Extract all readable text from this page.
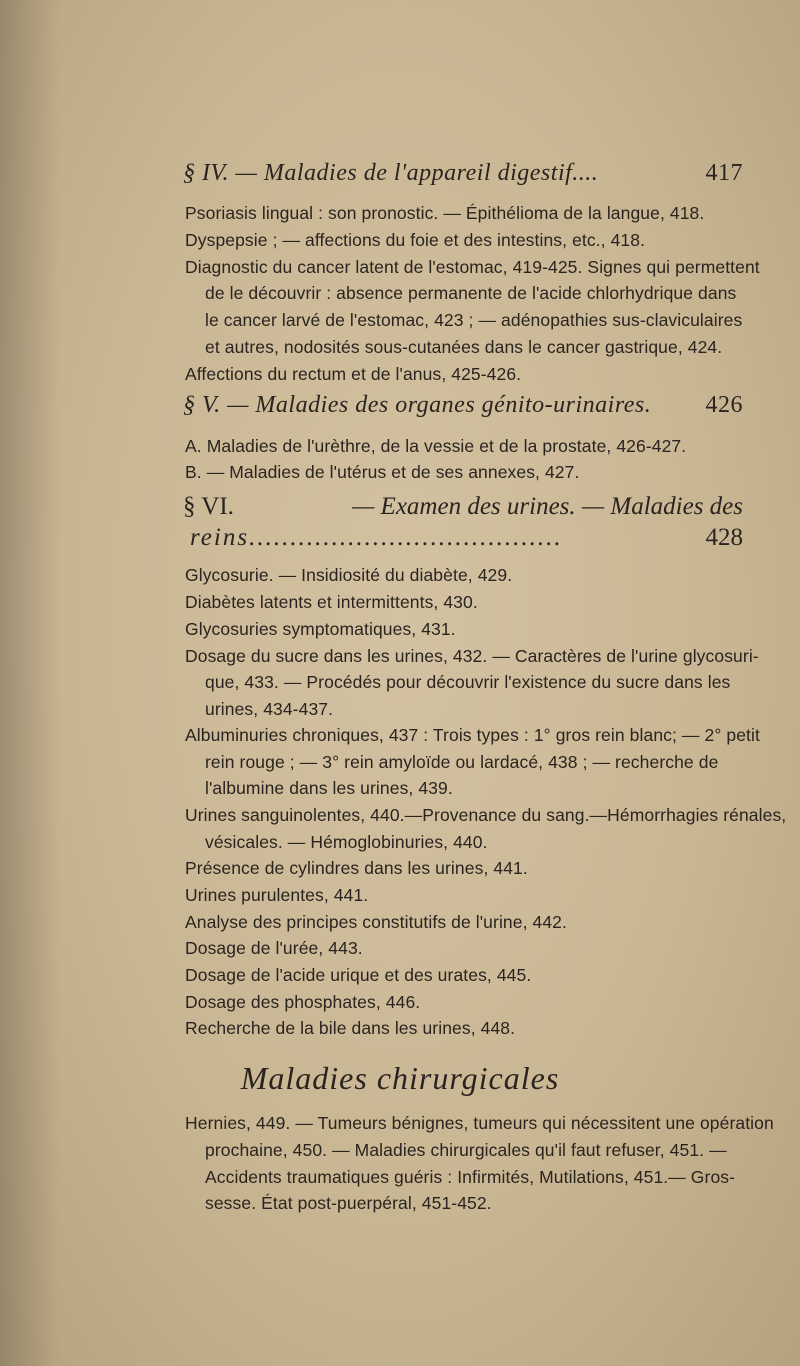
§ IV. — Maladies de l'appareil digestif....	417
Psoriasis lingual : son pronostic. — Épithélioma de la langue, 418.
Dyspepsie ; — affections du foie et des intestins, etc., 418.
Diagnostic du cancer latent de l'estomac, 419-425. Signes qui permettent
de le découvrir : absence permanente de l'acide chlorhydrique dans
le cancer larvé de l'estomac, 423 ; — adénopathies sus-claviculaires
et autres, nodosités sous-cutanées dans le cancer gastrique, 424.
Affections du rectum et de l'anus, 425-426.
§ V. — Maladies des organes génito-urinaires. 426
A. Maladies de l'urèthre, de la vessie et de la prostate, 426-427.
B. — Maladies de l'utérus et de ses annexes, 427.
§ VI.	— Examen des urines. — Maladies des
reins......................................	428
Glycosurie. — Insidiosité du diabète, 429.
Diabètes latents et intermittents, 430.
Glycosuries symptomatiques, 431.
Dosage du sucre dans les urines, 432. — Caractères de l'urine glycosuri-
que, 433. — Procédés pour découvrir l'existence du sucre dans les
urines, 434-437.
Albuminuries chroniques, 437 : Trois types : 1° gros rein blanc; — 2° petit
rein rouge ; — 3° rein amyloïde ou lardacé, 438 ; — recherche de
l'albumine dans les urines, 439.
Urines sanguinolentes, 440.—Provenance du sang.—Hémorrhagies rénales,
vésicales. — Hémoglobinuries, 440.
Présence de cylindres dans les urines, 441.
Urines purulentes, 441.
Analyse des principes constitutifs de l'urine, 442.
Dosage de l'urée, 443.
Dosage de l'acide urique et des urates, 445.
Dosage des phosphates, 446.
Recherche de la bile dans les urines, 448.
Maladies chirurgicales
Hernies, 449. — Tumeurs bénignes, tumeurs qui nécessitent une opération
prochaine, 450. — Maladies chirurgicales qu'il faut refuser, 451. —
Accidents traumatiques guéris : Infirmités, Mutilations, 451.— Gros-
sesse. État post-puerpéral, 451-452.
